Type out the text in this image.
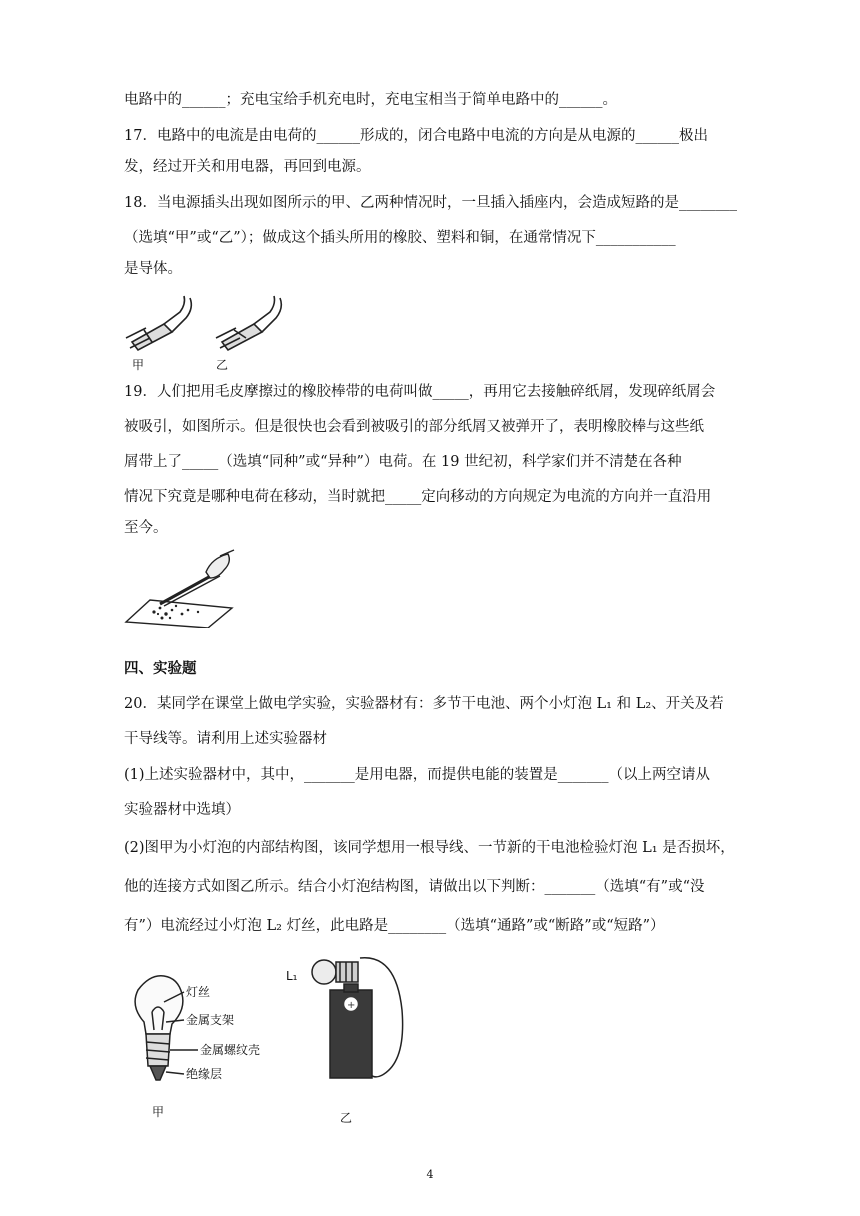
电路中的______；充电宝给手机充电时，充电宝相当于简单电路中的______。
17．电路中的电流是由电荷的______形成的，闭合电路中电流的方向是从电源的______极出
发，经过开关和用电器，再回到电源。
18．当电源插头出现如图所示的甲、乙两种情况时，一旦插入插座内，会造成短路的是________
（选填“甲”或“乙”）；做成这个插头所用的橡胶、塑料和铜，在通常情况下___________
是导体。
甲	乙
19．人们把用毛皮摩擦过的橡胶棒带的电荷叫做_____，再用它去接触碎纸屑，发现碎纸屑会
被吸引，如图所示。但是很快也会看到被吸引的部分纸屑又被弹开了，表明橡胶棒与这些纸
屑带上了_____（选填“同种”或“异种”）电荷。在 19 世纪初，科学家们并不清楚在各种
情况下究竟是哪种电荷在移动，当时就把_____定向移动的方向规定为电流的方向并一直沿用
至今。
四、实验题
20．某同学在课堂上做电学实验，实验器材有：多节干电池、两个小灯泡 L₁ 和 L₂、开关及若
干导线等。请利用上述实验器材
(1)上述实验器材中，其中，_______是用电器，而提供电能的装置是_______（以上两空请从
实验器材中选填）
(2)图甲为小灯泡的内部结构图，该同学想用一根导线、一节新的干电池检验灯泡 L₁ 是否损坏，
他的连接方式如图乙所示。结合小灯泡结构图，请做出以下判断：_______（选填“有”或“没
有”）电流经过小灯泡 L₂ 灯丝，此电路是________（选填“通路”或“断路”或“短路”）
灯丝
金属支架
金属螺纹壳
绝缘层
甲
+
L₁
乙
4
